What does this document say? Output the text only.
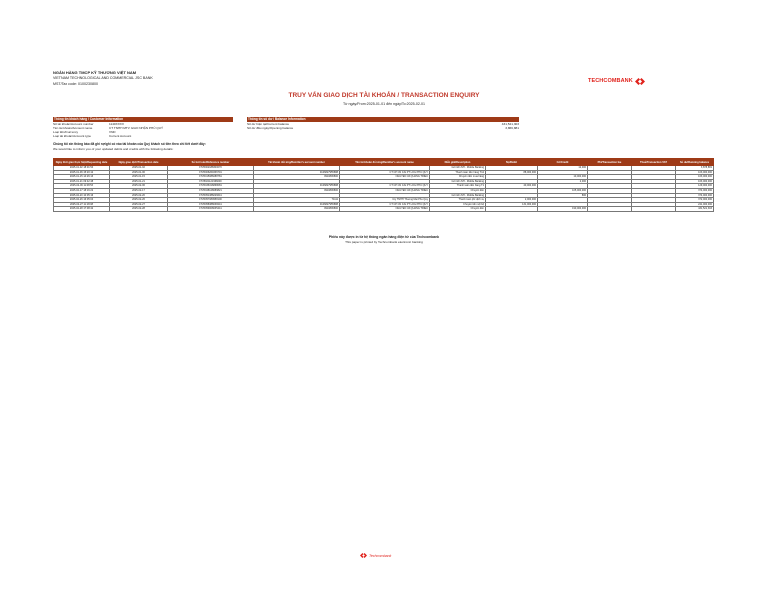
NGÂN HÀNG TMCP KỸ THƯƠNG VIỆT NAM
VIETNAM TECHNOLOGICAL AND COMMERCIAL JSC BANK
MST/Tax code: 0100230800	TECHCOMBANK
TRUY VẤN GIAO DỊCH TÀI KHOẢN / TRANSACTION ENQUIRY
Từ ngày/From:2025-01-01 đến ngày/To:2025-02-01
Thông tin khách hàng / Customer Information
Số tài khoản/Account number	1140XXXX
Tên tài khoản/Account name	CT TNHH MTV GIAO NHẬN PHÚ QUÝ
Loại tiền/Currency	VND
Loại tài khoản/Account type	Current Account
Thông tin số dư / Balance Information
Số dư hiện tại/Current balance	431,521,303
Số dư đầu ngày/Opening balance	3,866,881
Chúng tôi xin thông báo đã ghi nợ/ghi có vào tài khoản của Quý khách số tiền theo chi tiết dưới đây:
We would like to inform you of your updated debits and credits with the following details:
Ngày thời gian thực hiện/Requesting date	Ngày giao dịch/Transaction date	Số bút toán/Reference number	Tài khoản đối ứng/Remitter's account number	Tên tài khoản đối ứng/Remitter's account name	Diễn giải/Description	Nợ/Debit	Có/Credit	Phí/Transaction fee	Thuế/Transaction VAT	Số dư/Running balance
2025-01-02 18:01:54	2025-01-02	FT25002188300070			Gửi tiền NH - Mobile Banking		12,000			3,878,881
2025-01-06 15:20:12	2025-01-06	FT25006260336701	0106827955888	CT CP CN CAI PT LOG PHU QUY	Thanh toán tiền hàng T12	88,000,000				103,000,000
2025-01-15 14:26:13	2025-01-15	FT25015086088781	0910806800	NGUYEN VA QUANG TRIEU	Chuyển tiền mua hàng		10,000,000			163,000,000
2025-01-21 09:42:48	2025-01-21	FT25021121968200			Gửi tiền NH - Mobile Banking		2,000			163,000,000
2025-02-06 11:08:53	2025-02-06	FT25036316868081	0106827955888	CT CP CN CAI PT LOG PHU QUY	Thanh toán tiền hàng T1	40,000,000				129,000,000
2025-02-17 18:16:22	2025-02-17	FT25048128089821	0910806800	NGUYEN VA QUANG TRIEU	Chuyển tiền		105,000,000			374,000,000
2025-02-20 10:05:16	2025-02-20	FT25051388226641			Gửi tiền NH - Mobile Banking		800			374,000,000
2025-02-26 16:05:04	2025-02-26	FT25057080958100	71111	Cty TNHH Thuong Mai Phu Quy	Thanh toán phí dịch vụ	2,000,000				372,000,000
2025-02-27 11:18:08	2025-02-27	FT25058388038241	0106827955888	CT CP CN CAI PT LOG PHU QUY	Chuyển tiền nội bộ	131,000,000				241,000,000
2025-02-28 17:08:42	2025-02-28	FT25059008035441	0910806800	NGUYEN VA QUANG TRIEU	Chuyển tiền		190,000,000			431,521,303
Phiếu này được in từ hệ thống ngân hàng điện tử của Techcombank
This paper is printed by Techcombank electronic banking
Techcombank
